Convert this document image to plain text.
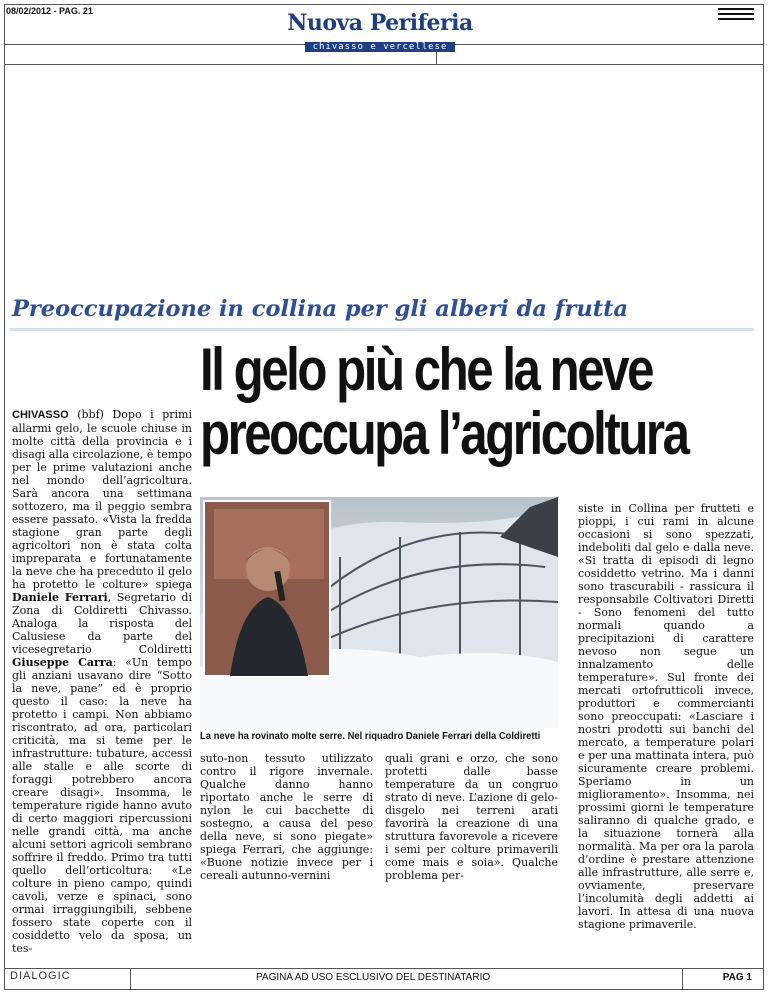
08/02/2012 - PAG. 21	Nuova Periferia
chivasso e vercellese
Preoccupazione in collina per gli alberi da frutta
Il gelo più che la neve
preoccupa l’agricoltura
CHIVASSO (bbf) Dopo i primi allarmi gelo, le scuole chiuse in molte città della provincia e i disagi alla circolazione, è tempo per le prime valutazioni anche nel mondo dell’agricoltura. Sarà ancora una settimana sottozero, ma il peggio sembra essere passato. «Vista la fredda stagione gran parte degli agricoltori non è stata colta impreparata e fortunatamente la neve che ha preceduto il gelo ha protetto le colture» spiega Daniele Ferrari, Segretario di Zona di Coldiretti Chivasso. Analoga la risposta del Calusiese da parte del vicesegretario Coldiretti Giuseppe Carra: «Un tempo gli anziani usavano dire “Sotto la neve, pane” ed è proprio questo il caso: la neve ha protetto i campi. Non abbiamo riscontrato, ad ora, particolari criticità, ma si teme per le infrastrutture: tubature, accessi alle stalle e alle scorte di foraggi potrebbero ancora creare disagi». Insomma, le temperature rigide hanno avuto di certo maggiori ripercussioni nelle grandi città, ma anche alcuni settori agricoli sembrano soffrire il freddo. Primo tra tutti quello dell’orticoltura: «Le colture in pieno campo, quindi cavoli, verze e spinaci, sono ormai irraggiungibili, sebbene fossero state coperte con il cosiddetto velo da sposa, un tes-
La neve ha rovinato molte serre. Nel riquadro Daniele Ferrari della Coldiretti
suto-non tessuto utilizzato contro il rigore invernale. Qualche danno hanno riportato anche le serre di nylon le cui bacchette di sostegno, a causa del peso della neve, si sono piegate» spiega Ferrari, che aggiunge: «Buone notizie invece per i cereali autunno-vernini
quali grani e orzo, che sono protetti dalle basse temperature da un congruo strato di neve. L’azione di gelo-disgelo nei terreni arati favorirà la creazione di una struttura favorevole a ricevere i semi per colture primaverili come mais e soia». Qualche problema per-
siste in Collina per frutteti e pioppi, i cui rami in alcune occasioni si sono spezzati, indeboliti dal gelo e dalla neve. «Si tratta di episodi di legno cosiddetto vetrino. Ma i danni sono trascurabili - rassicura il responsabile Coltivatori Diretti - Sono fenomeni del tutto normali quando a precipitazioni di carattere nevoso non segue un innalzamento delle temperature». Sul fronte dei mercati ortofrutticoli invece, produttori e commercianti sono preoccupati: «Lasciare i nostri prodotti sui banchi del mercato, a temperature polari e per una mattinata intera, può sicuramente creare problemi. Speriamo in un miglioramento». Insomma, nei prossimi giorni le temperature saliranno di qualche grado, e la situazione tornerà alla normalità. Ma per ora la parola d’ordine è prestare attenzione alle infrastrutture, alle serre e, ovviamente, preservare l’incolumità degli addetti ai lavori. In attesa di una nuova stagione primaverile.
DIALOGIC	PAGINA AD USO ESCLUSIVO DEL DESTINATARIO	PAG 1
